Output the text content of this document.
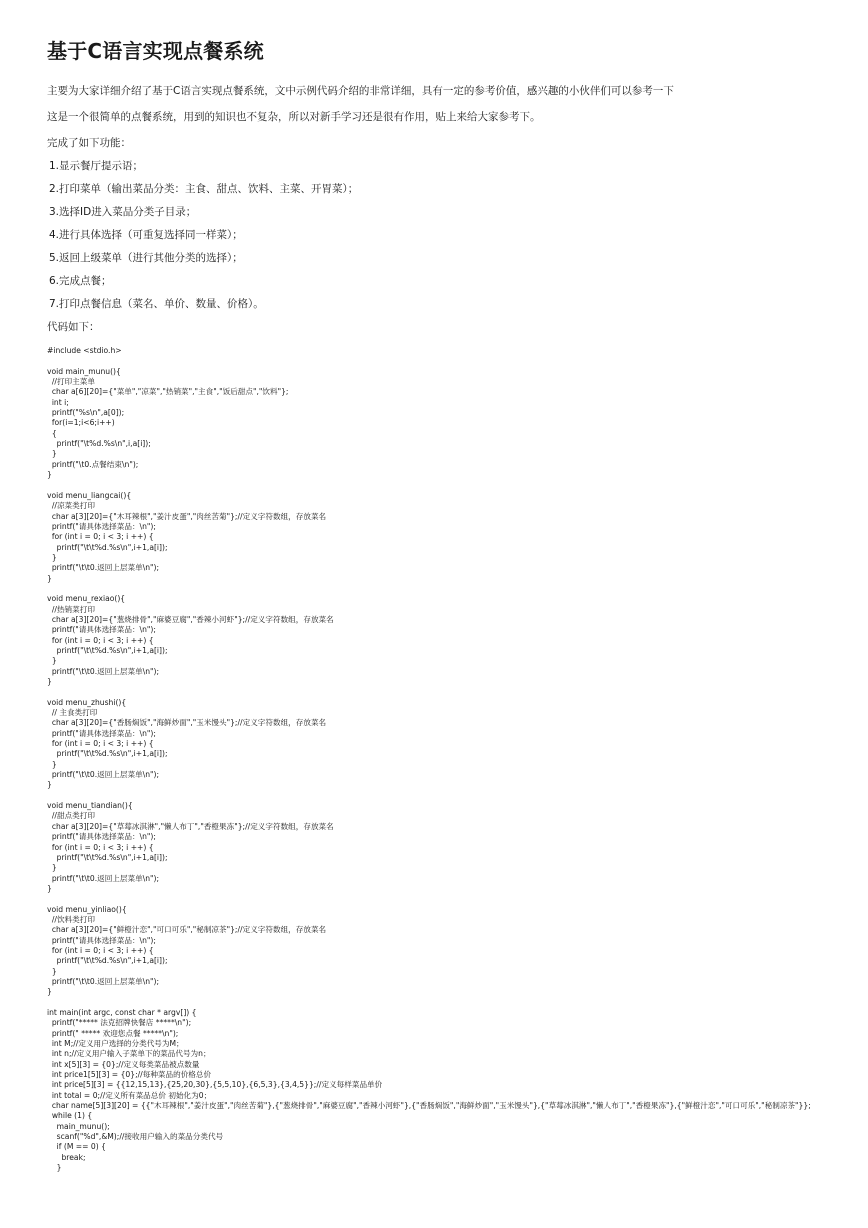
基于C语言实现点餐系统

主要为大家详细介绍了基于C语言实现点餐系统，文中示例代码介绍的非常详细，具有一定的参考价值，感兴趣的小伙伴们可以参考一下

这是一个很简单的点餐系统，用到的知识也不复杂，所以对新手学习还是很有作用，贴上来给大家参考下。

完成了如下功能：

1.显示餐厅提示语；

2.打印菜单（输出菜品分类：主食、甜点、饮料、主菜、开胃菜）；

3.选择ID进入菜品分类子目录；

4.进行具体选择（可重复选择同一样菜）；

5.返回上级菜单（进行其他分类的选择）；

6.完成点餐；

7.打印点餐信息（菜名、单价、数量、价格）。

代码如下：

#include <stdio.h>

void main_munu(){
//打印主菜单
char a[6][20]={"菜单","凉菜","热销菜","主食","饭后甜点","饮料"};
int i;
printf("%s\n",a[0]);
for(i=1;i<6;i++)
{
printf("\t%d.%s\n",i,a[i]);
}
printf("\t0.点餐结束\n");
}

void menu_liangcai(){
//凉菜类打印
char a[3][20]={"木耳辣根","姜汁皮蛋","肉丝苦菊"};//定义字符数组，存放菜名
printf("请具体选择菜品：\n");
for (int i = 0; i < 3; i ++) {
printf("\t\t%d.%s\n",i+1,a[i]);
}
printf("\t\t0.返回上层菜单\n");
}

void menu_rexiao(){
//热销菜打印
char a[3][20]={"葱烧排骨","麻婆豆腐","香辣小河虾"};//定义字符数组，存放菜名
printf("请具体选择菜品：\n");
for (int i = 0; i < 3; i ++) {
printf("\t\t%d.%s\n",i+1,a[i]);
}
printf("\t\t0.返回上层菜单\n");
}

void menu_zhushi(){
// 主食类打印
char a[3][20]={"香肠焖饭","海鲜炒面","玉米馒头"};//定义字符数组，存放菜名
printf("请具体选择菜品：\n");
for (int i = 0; i < 3; i ++) {
printf("\t\t%d.%s\n",i+1,a[i]);
}
printf("\t\t0.返回上层菜单\n");
}

void menu_tiandian(){
//甜点类打印
char a[3][20]={"草莓冰淇淋","懒人布丁","香橙果冻"};//定义字符数组，存放菜名
printf("请具体选择菜品：\n");
for (int i = 0; i < 3; i ++) {
printf("\t\t%d.%s\n",i+1,a[i]);
}
printf("\t\t0.返回上层菜单\n");
}

void menu_yinliao(){
//饮料类打印
char a[3][20]={"鲜橙汁恋","可口可乐","秘制凉茶"};//定义字符数组，存放菜名
printf("请具体选择菜品：\n");
for (int i = 0; i < 3; i ++) {
printf("\t\t%d.%s\n",i+1,a[i]);
}
printf("\t\t0.返回上层菜单\n");
}

int main(int argc, const char * argv[]) {
printf("***** 法克招牌快餐店 *****\n");
printf(" ***** 欢迎您点餐 *****\n");
int M;//定义用户选择的分类代号为M；
int n;//定义用户输入子菜单下的菜品代号为n；
int x[5][3] = {0};//定义每类菜品被点数量
int price1[5][3] = {0};//每种菜品的价格总价
int price[5][3] = {{12,15,13},{25,20,30},{5,5,10},{6,5,3},{3,4,5}};//定义每样菜品单价
int total = 0;//定义所有菜品总价 初始化为0；
char name[5][3][20] = {{"木耳辣根","姜汁皮蛋","肉丝苦菊"},{"葱烧排骨","麻婆豆腐","香辣小河虾"},{"香肠焖饭","海鲜炒面","玉米馒头"},{"草莓冰淇淋","懒人布丁","香橙果冻"},{"鲜橙汁恋","可口可乐","秘制凉茶"}};
while (1) {
main_munu();
scanf("%d",&M);//接收用户输入的菜品分类代号
if (M == 0) {
break;
}
